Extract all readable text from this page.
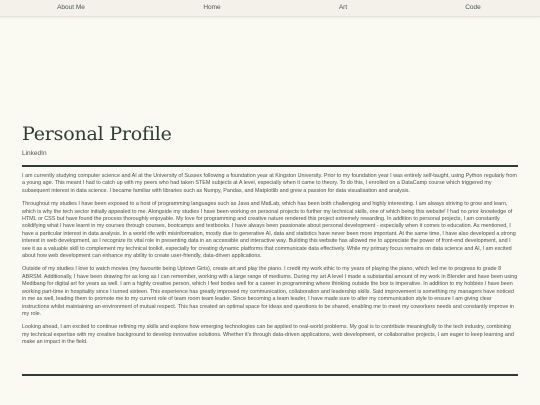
About Me	Home	Art	Code
Personal Profile
LinkedIn

I am currently studying computer science and AI at the University of Sussex following a foundation year at Kingston University. Prior to my foundation year I was entirely self-taught, using Python regularly from a young age. This meant I had to catch up with my peers who had taken STEM subjects at A level, especially when it came to theory. To do this, I enrolled on a DataCamp course which triggered my subsequent interest in data science. I became familiar with libraries such as Numpy, Pandas, and Matplotlib and grew a passion for data visualisation and analysis.

Throughout my studies I have been exposed to a host of programming languages such as Java and MatLab, which has been both challenging and highly interesting. I am always striving to grow and learn, which is why the tech sector initially appealed to me. Alongside my studies I have been working on personal projects to further my technical skills, one of which being this website! I had no prior knowledge of HTML or CSS but have found the process thoroughly enjoyable. My love for programming and creative nature rendered this project extremely rewarding. In addition to personal projects, I am constantly solidifying what I have learnt in my courses through courses, bootcamps and textbooks. I have always been passionate about personal development - especially when it comes to education. As mentioned, I have a particular interest in data analysis. In a world rife with misinformation, mostly due to generative AI, data and statistics have never been more important. At the same time, I have also developed a strong interest in web development, as I recognize its vital role in presenting data in an accessible and interactive way. Building this website has allowed me to appreciate the power of front-end development, and I see it as a valuable skill to complement my technical toolkit, especially for creating dynamic platforms that communicate data effectively. While my primary focus remains on data science and AI, I am excited about how web development can enhance my ability to create user-friendly, data-driven applications.

Outside of my studies I love to watch movies (my favourite being Uptown Girls), create art and play the piano. I credit my work ethic to my years of playing the piano, which led me to progress to grade 8 ABRSM. Additionally, I have been drawing for as long as I can remember, working with a large range of mediums. During my art A level I made a substantial amount of my work in Blender and have been using Medibang for digital art for years as well. I am a highly creative person, which I feel bodes well for a career in programming where thinking outside the box is imperative. In addition to my hobbies I have been working part-time in hospitality since I turned sixteen. This experience has greatly improved my communication, collaboration and leadership skills. Said improvement is something my managers have noticed in me as well, leading them to promote me to my current role of team room team leader. Since becoming a team leader, I have made sure to alter my communication style to ensure I am giving clear instructions whilst maintaining an environment of mutual respect. This has created an optimal space for ideas and questions to be shared, enabling me to meet my coworkers needs and constantly improve in my role.

Looking ahead, I am excited to continue refining my skills and explore how emerging technologies can be applied to real-world problems. My goal is to contribute meaningfully to the tech industry, combining my technical expertise with my creative background to develop innovative solutions. Whether it's through data-driven applications, web development, or collaborative projects, I am eager to keep learning and make an impact in the field.
